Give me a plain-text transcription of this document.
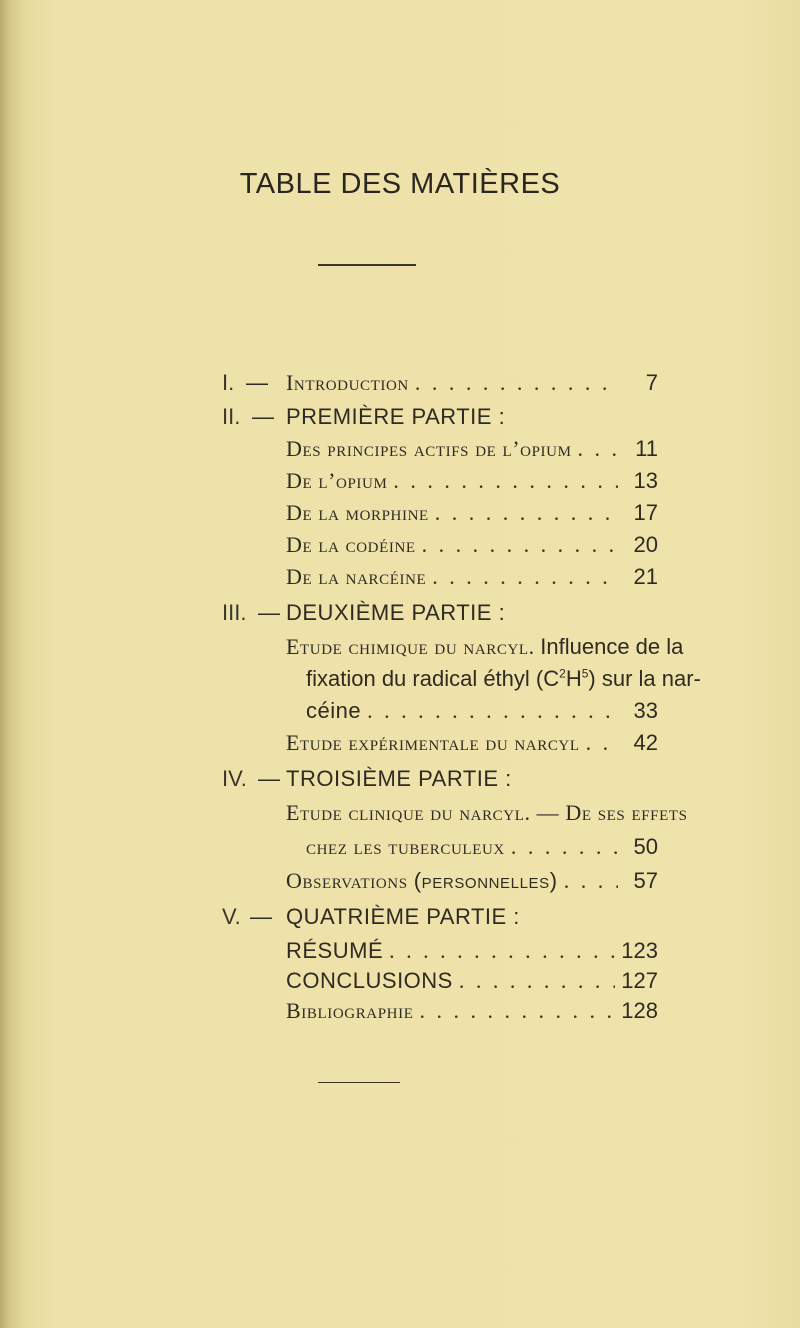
TABLE DES MATIÈRES
I. — Introduction . . .	7
II. — PREMIÈRE PARTIE :
Des principes actifs de l’opium . . .	11
De l’opium . . .	13
De la morphine . . .	17
De la codéine . . .	20
De la narcéine . . .	21
III. — DEUXIÈME PARTIE :
Etude chimique du narcyl. Influence de la
fixation du radical éthyl $(C^2H^5)$ sur la nar-
céine . . .	33
Etude expérimentale du narcyl . . .	42
IV. — TROISIÈME PARTIE :
Etude clinique du narcyl. — De ses effets
chez les tuberculeux . . .	50
Observations (personnelles) . . .	57
V. — QUATRIÈME PARTIE :
RÉSUMÉ . . .	123
CONCLUSIONS . . .	127
Bibliographie . . .	128
